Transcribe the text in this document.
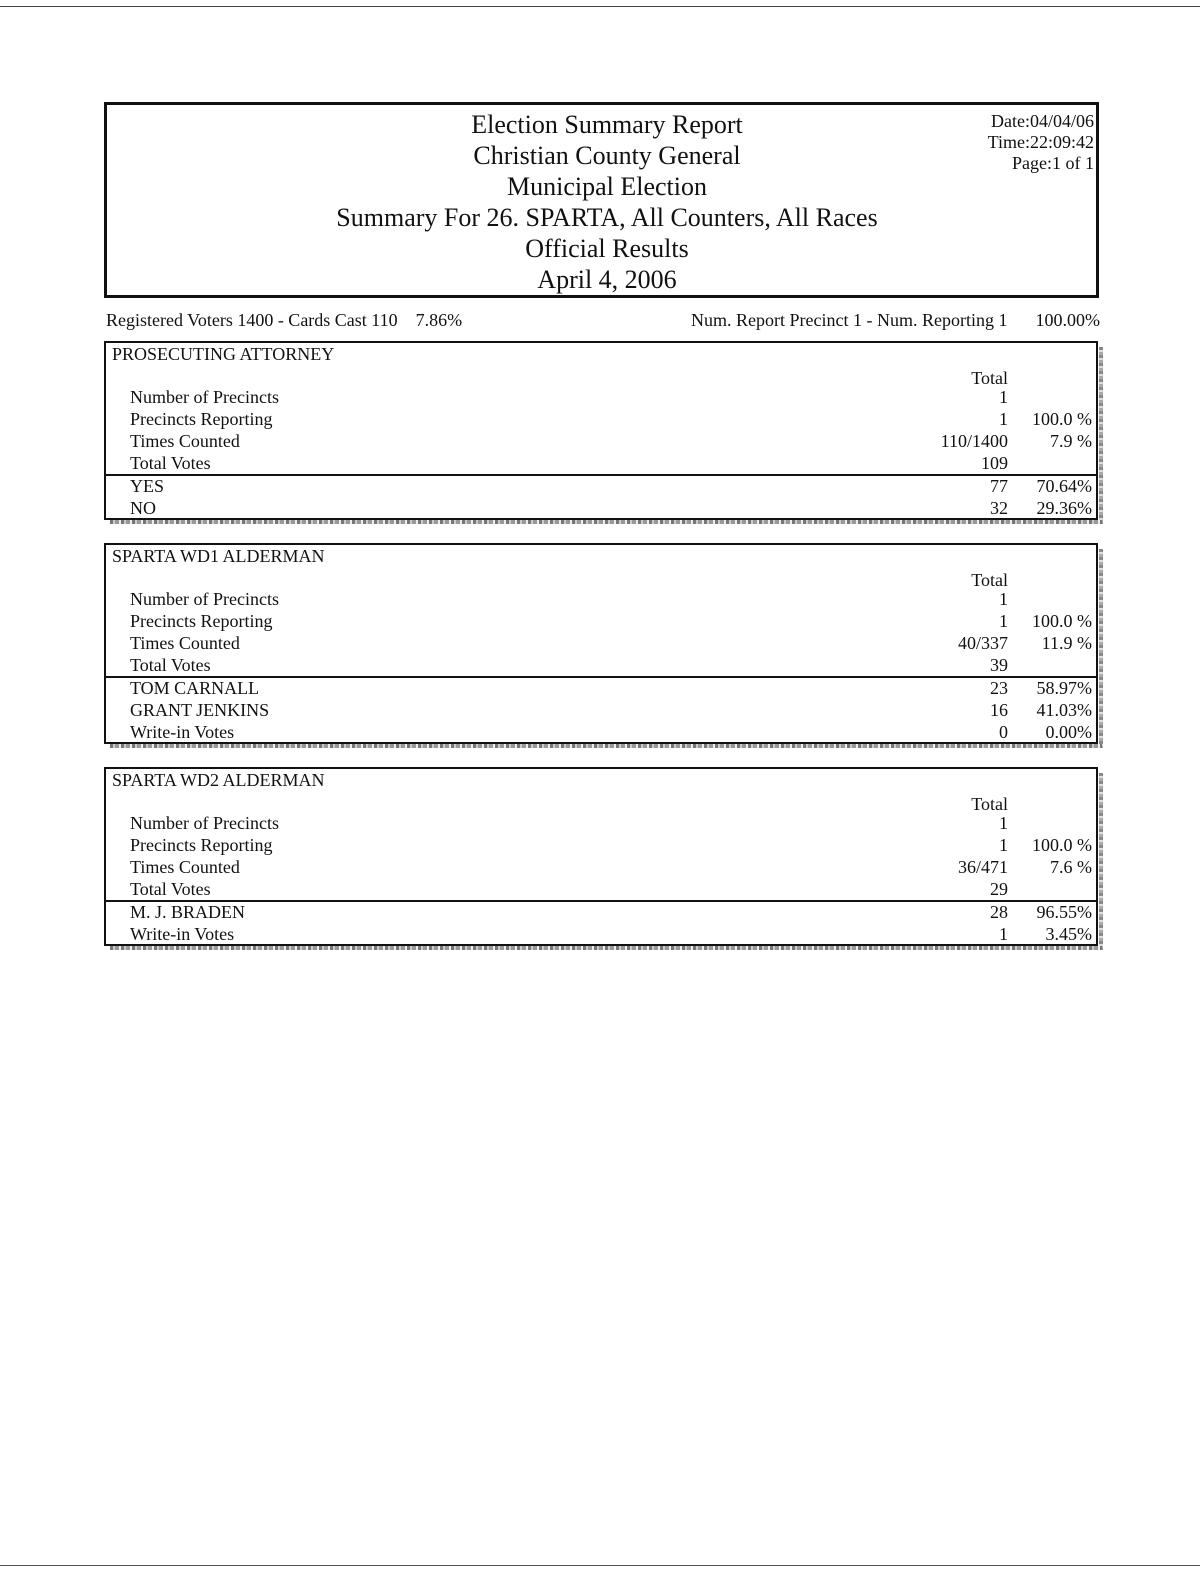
Election Summary Report
Christian County General
Municipal Election
Summary For 26. SPARTA, All Counters, All Races
Official Results
April 4, 2006
Date:04/04/06
Time:22:09:42
Page:1 of 1
Registered Voters 1400 - Cards Cast 110 7.86%	Num. Report Precinct 1 - Num. Reporting 1 100.00%
PROSECUTING ATTORNEY
Total
Number of Precincts	1
Precincts Reporting	1 100.0 %
Times Counted	110/1400 7.9 %
Total Votes	109
YES	77 70.64%
NO	32 29.36%
SPARTA WD1 ALDERMAN
Total
Number of Precincts	1
Precincts Reporting	1 100.0 %
Times Counted	40/337 11.9 %
Total Votes	39
TOM CARNALL	23 58.97%
GRANT JENKINS	16 41.03%
Write-in Votes	0 0.00%
SPARTA WD2 ALDERMAN
Total
Number of Precincts	1
Precincts Reporting	1 100.0 %
Times Counted	36/471 7.6 %
Total Votes	29
M. J. BRADEN	28 96.55%
Write-in Votes	1 3.45%
